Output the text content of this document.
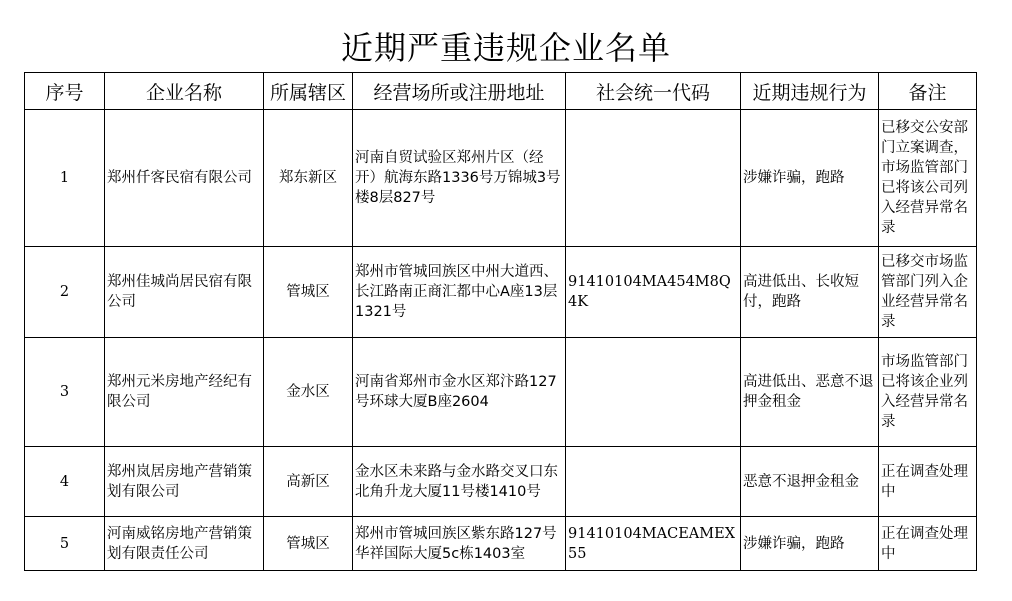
近期严重违规企业名单
序号	企业名称	所属辖区	经营场所或注册地址	社会统一代码	近期违规行为	备注
1	郑州仟客民宿有限公司	郑东新区	河南自贸试验区郑州片区（经开）航海东路1336号万锦城3号楼8层827号		涉嫌诈骗，跑路	已移交公安部门立案调查，市场监管部门已将该公司列入经营异常名录
2	郑州佳城尚居民宿有限公司	管城区	郑州市管城回族区中州大道西、长江路南正商汇都中心A座13层1321号	91410104MA454M8Q4K	高进低出、长收短付，跑路	已移交市场监管部门列入企业经营异常名录
3	郑州元米房地产经纪有限公司	金水区	河南省郑州市金水区郑汴路127号环球大厦B座2604		高进低出、恶意不退押金租金	市场监管部门已将该企业列入经营异常名录
4	郑州岚居房地产营销策划有限公司	高新区	金水区未来路与金水路交叉口东北角升龙大厦11号楼1410号		恶意不退押金租金	正在调查处理中
5	河南威铭房地产营销策划有限责任公司	管城区	郑州市管城回族区紫东路127号华祥国际大厦5c栋1403室	91410104MACEAMEX55	涉嫌诈骗，跑路	正在调查处理中
